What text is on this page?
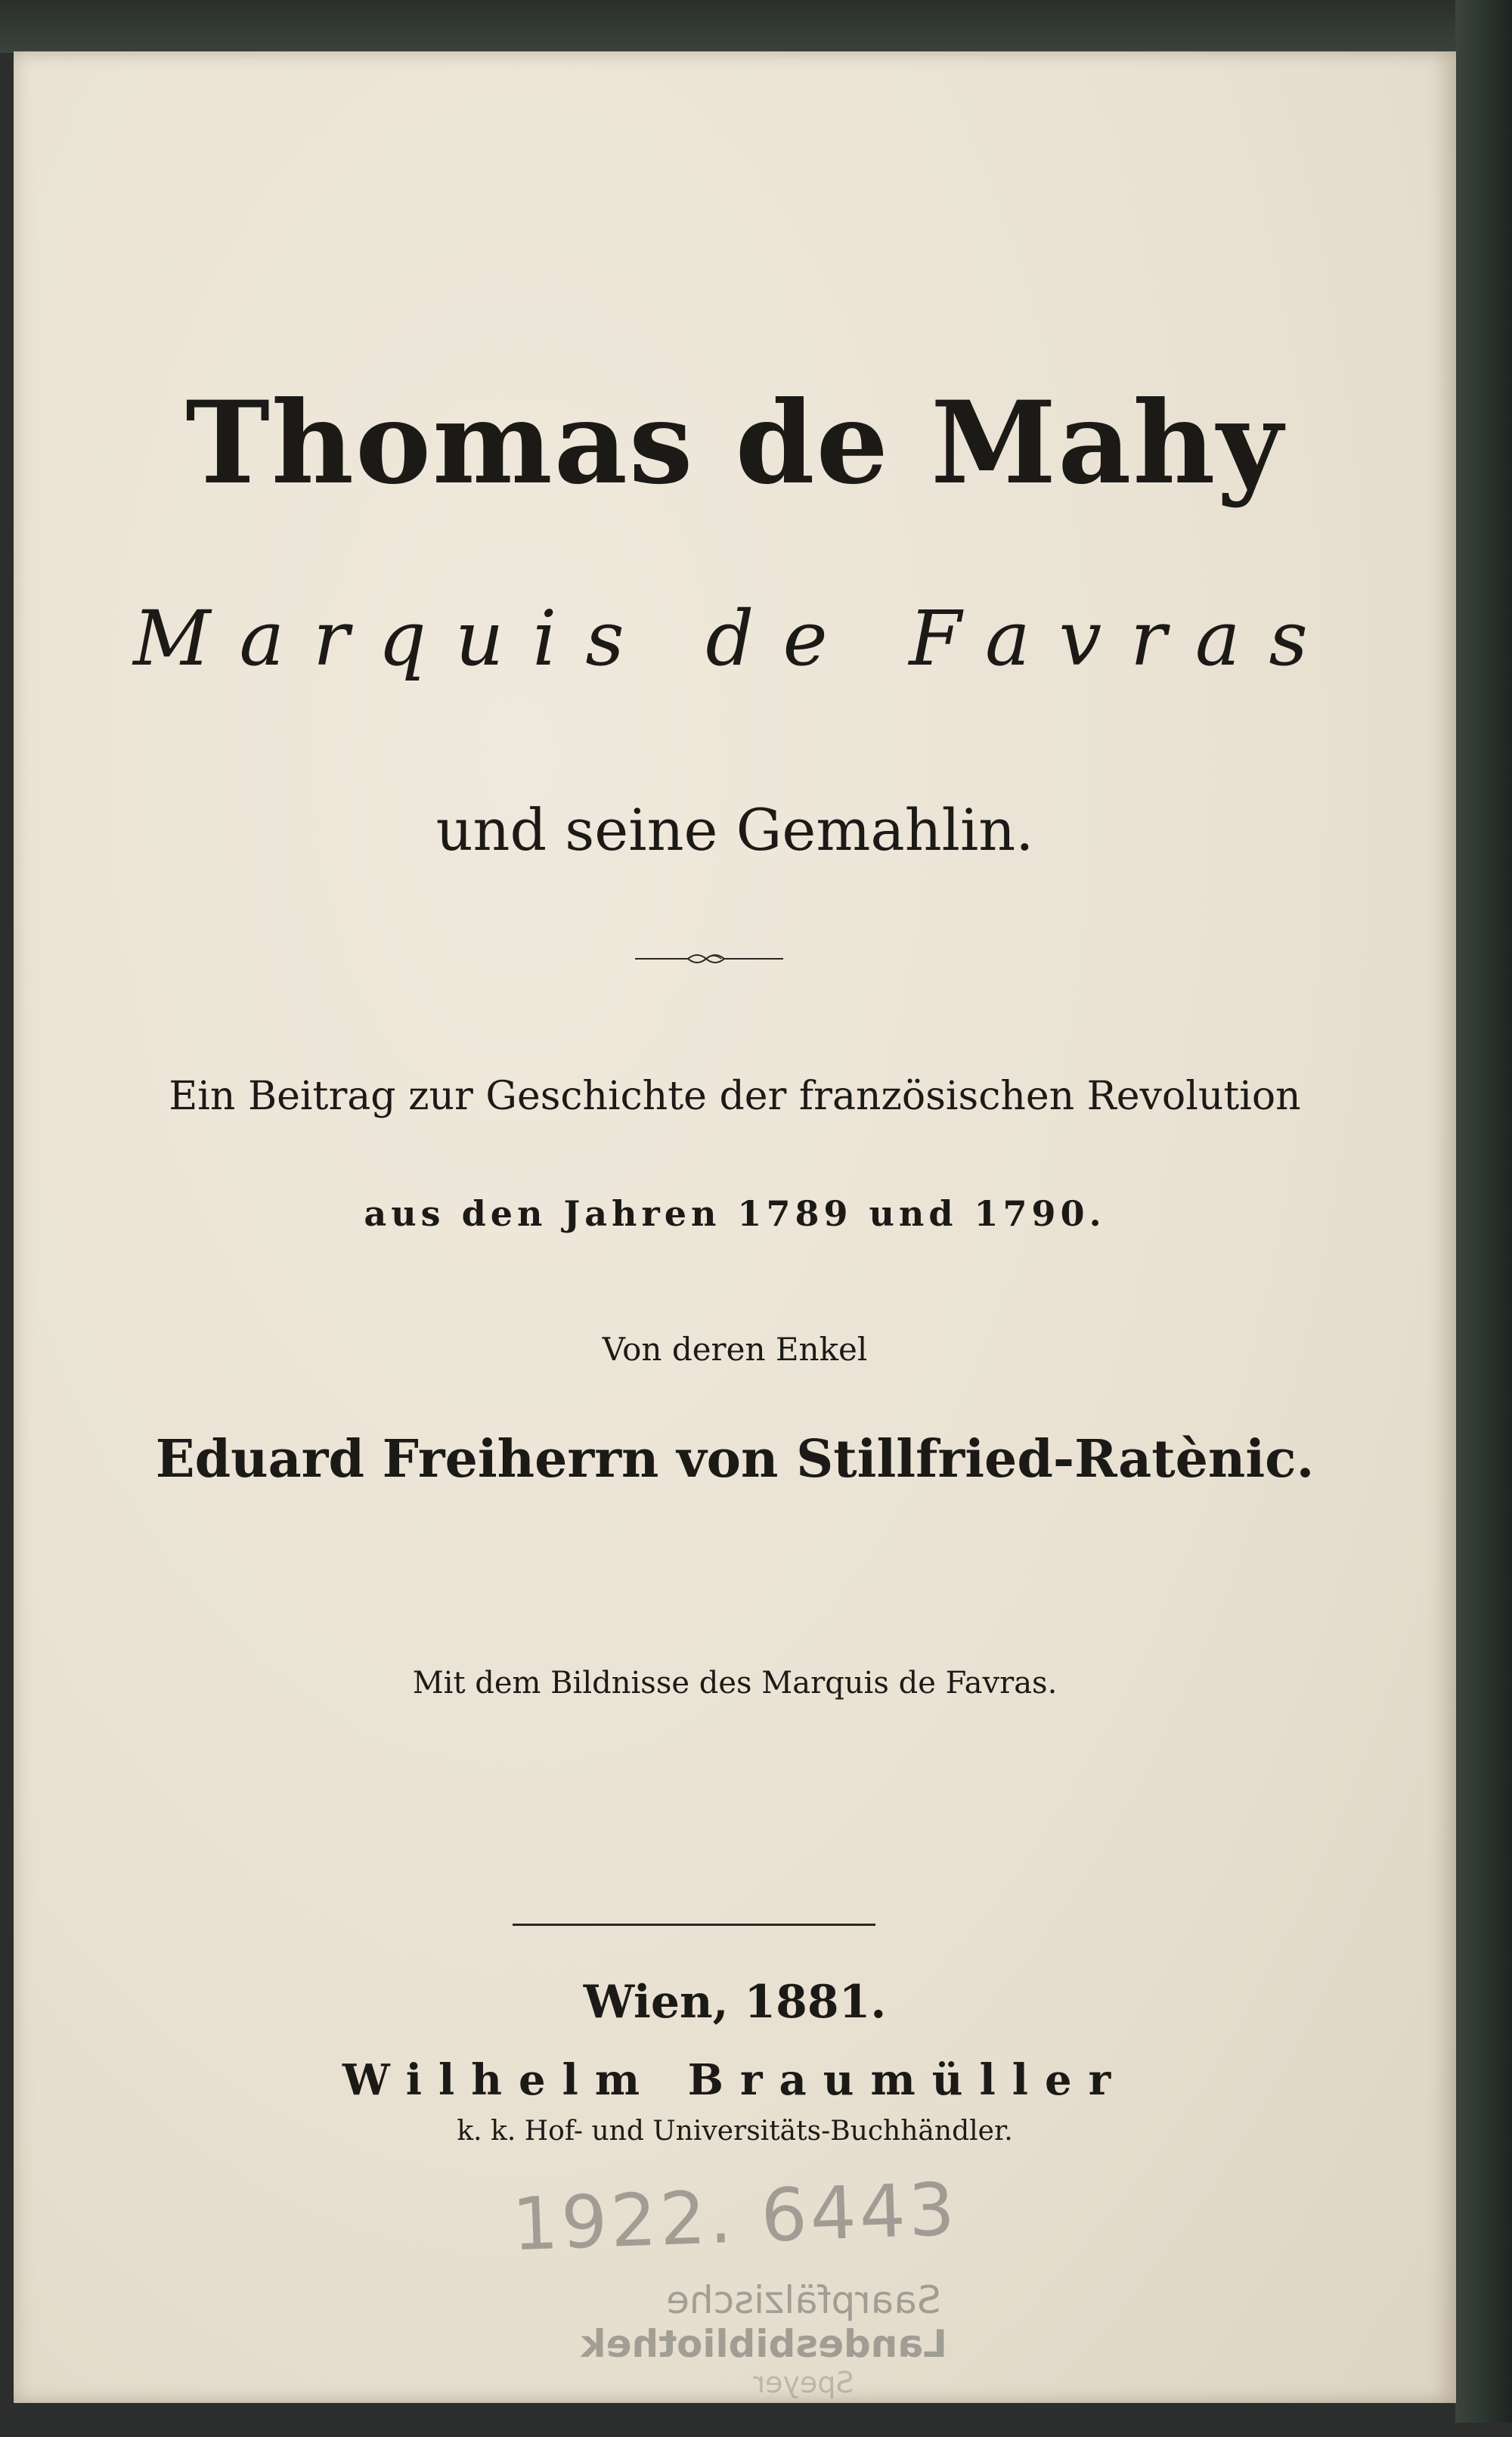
Thomas de Mahy
Marquis de Favras
und seine Gemahlin.
Ein Beitrag zur Geschichte der französischen Revolution
aus den Jahren 1789 und 1790.
Von deren Enkel
Eduard Freiherrn von Stillfried-Ratènic.
Mit dem Bildnisse des Marquis de Favras.
Wien, 1881.
Wilhelm Braumüller
k. k. Hof- und Universitäts-Buchhändler.
1922. 6443
Saarpfälzische
Landesbibliothek
Speyer
